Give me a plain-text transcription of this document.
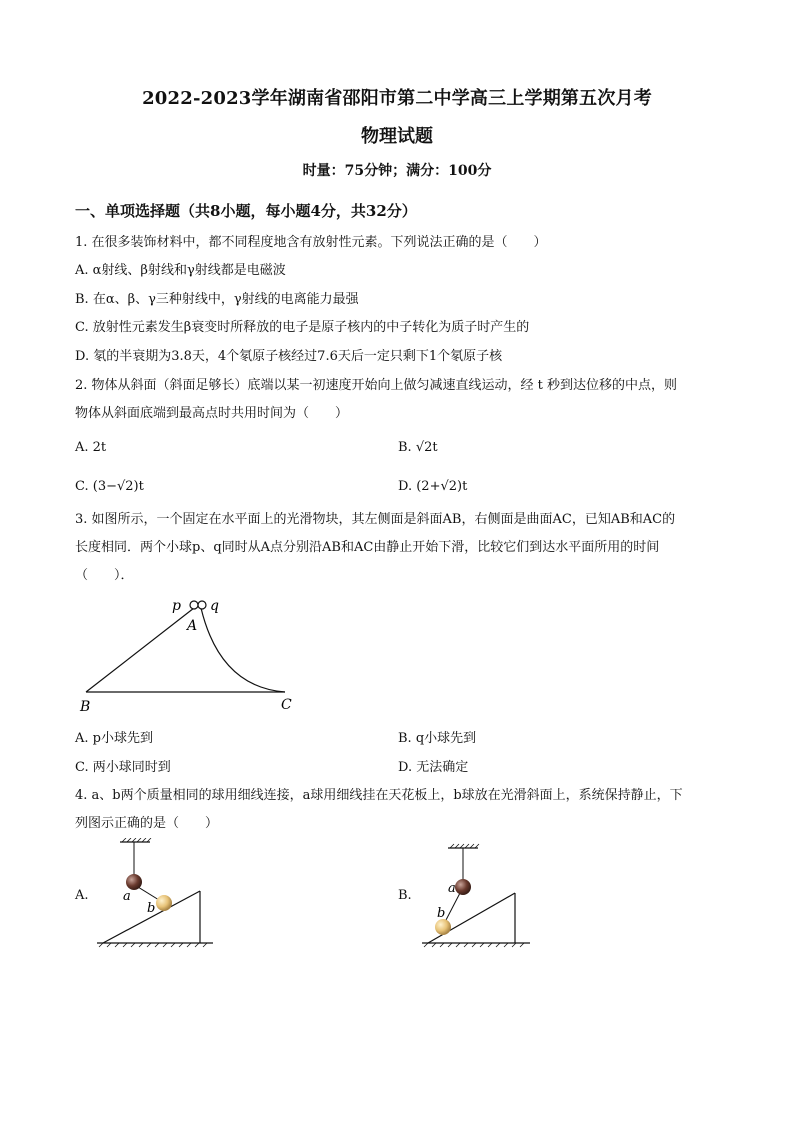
2022-2023学年湖南省邵阳市第二中学高三上学期第五次月考
物理试题
时量：75分钟；满分：100分
一、单项选择题（共8小题，每小题4分，共32分）
1. 在很多装饰材料中，都不同程度地含有放射性元素。下列说法正确的是（　　）
A. α射线、β射线和γ射线都是电磁波
B. 在α、β、γ三种射线中，γ射线的电离能力最强
C. 放射性元素发生β衰变时所释放的电子是原子核内的中子转化为质子时产生的
D. 氡的半衰期为3.8天，4个氡原子核经过7.6天后一定只剩下1个氡原子核
2. 物体从斜面（斜面足够长）底端以某一初速度开始向上做匀减速直线运动，经 t 秒到达位移的中点，则
物体从斜面底端到最高点时共用时间为（　　）
A. 2t	B. √2t
C. (3−√2)t	D. (2+√2)t
3. 如图所示，一个固定在水平面上的光滑物块，其左侧面是斜面AB，右侧面是曲面AC，已知AB和AC的
长度相同．两个小球p、q同时从A点分别沿AB和AC由静止开始下滑，比较它们到达水平面所用的时间
（　　）．
p q
A
B	C
A. p小球先到	B. q小球先到
C. 两小球同时到	D. 无法确定
4. a、b两个质量相同的球用细线连接，a球用细线挂在天花板上，b球放在光滑斜面上，系统保持静止，下
列图示正确的是（　　）
A.	a
b
B.	a
b
